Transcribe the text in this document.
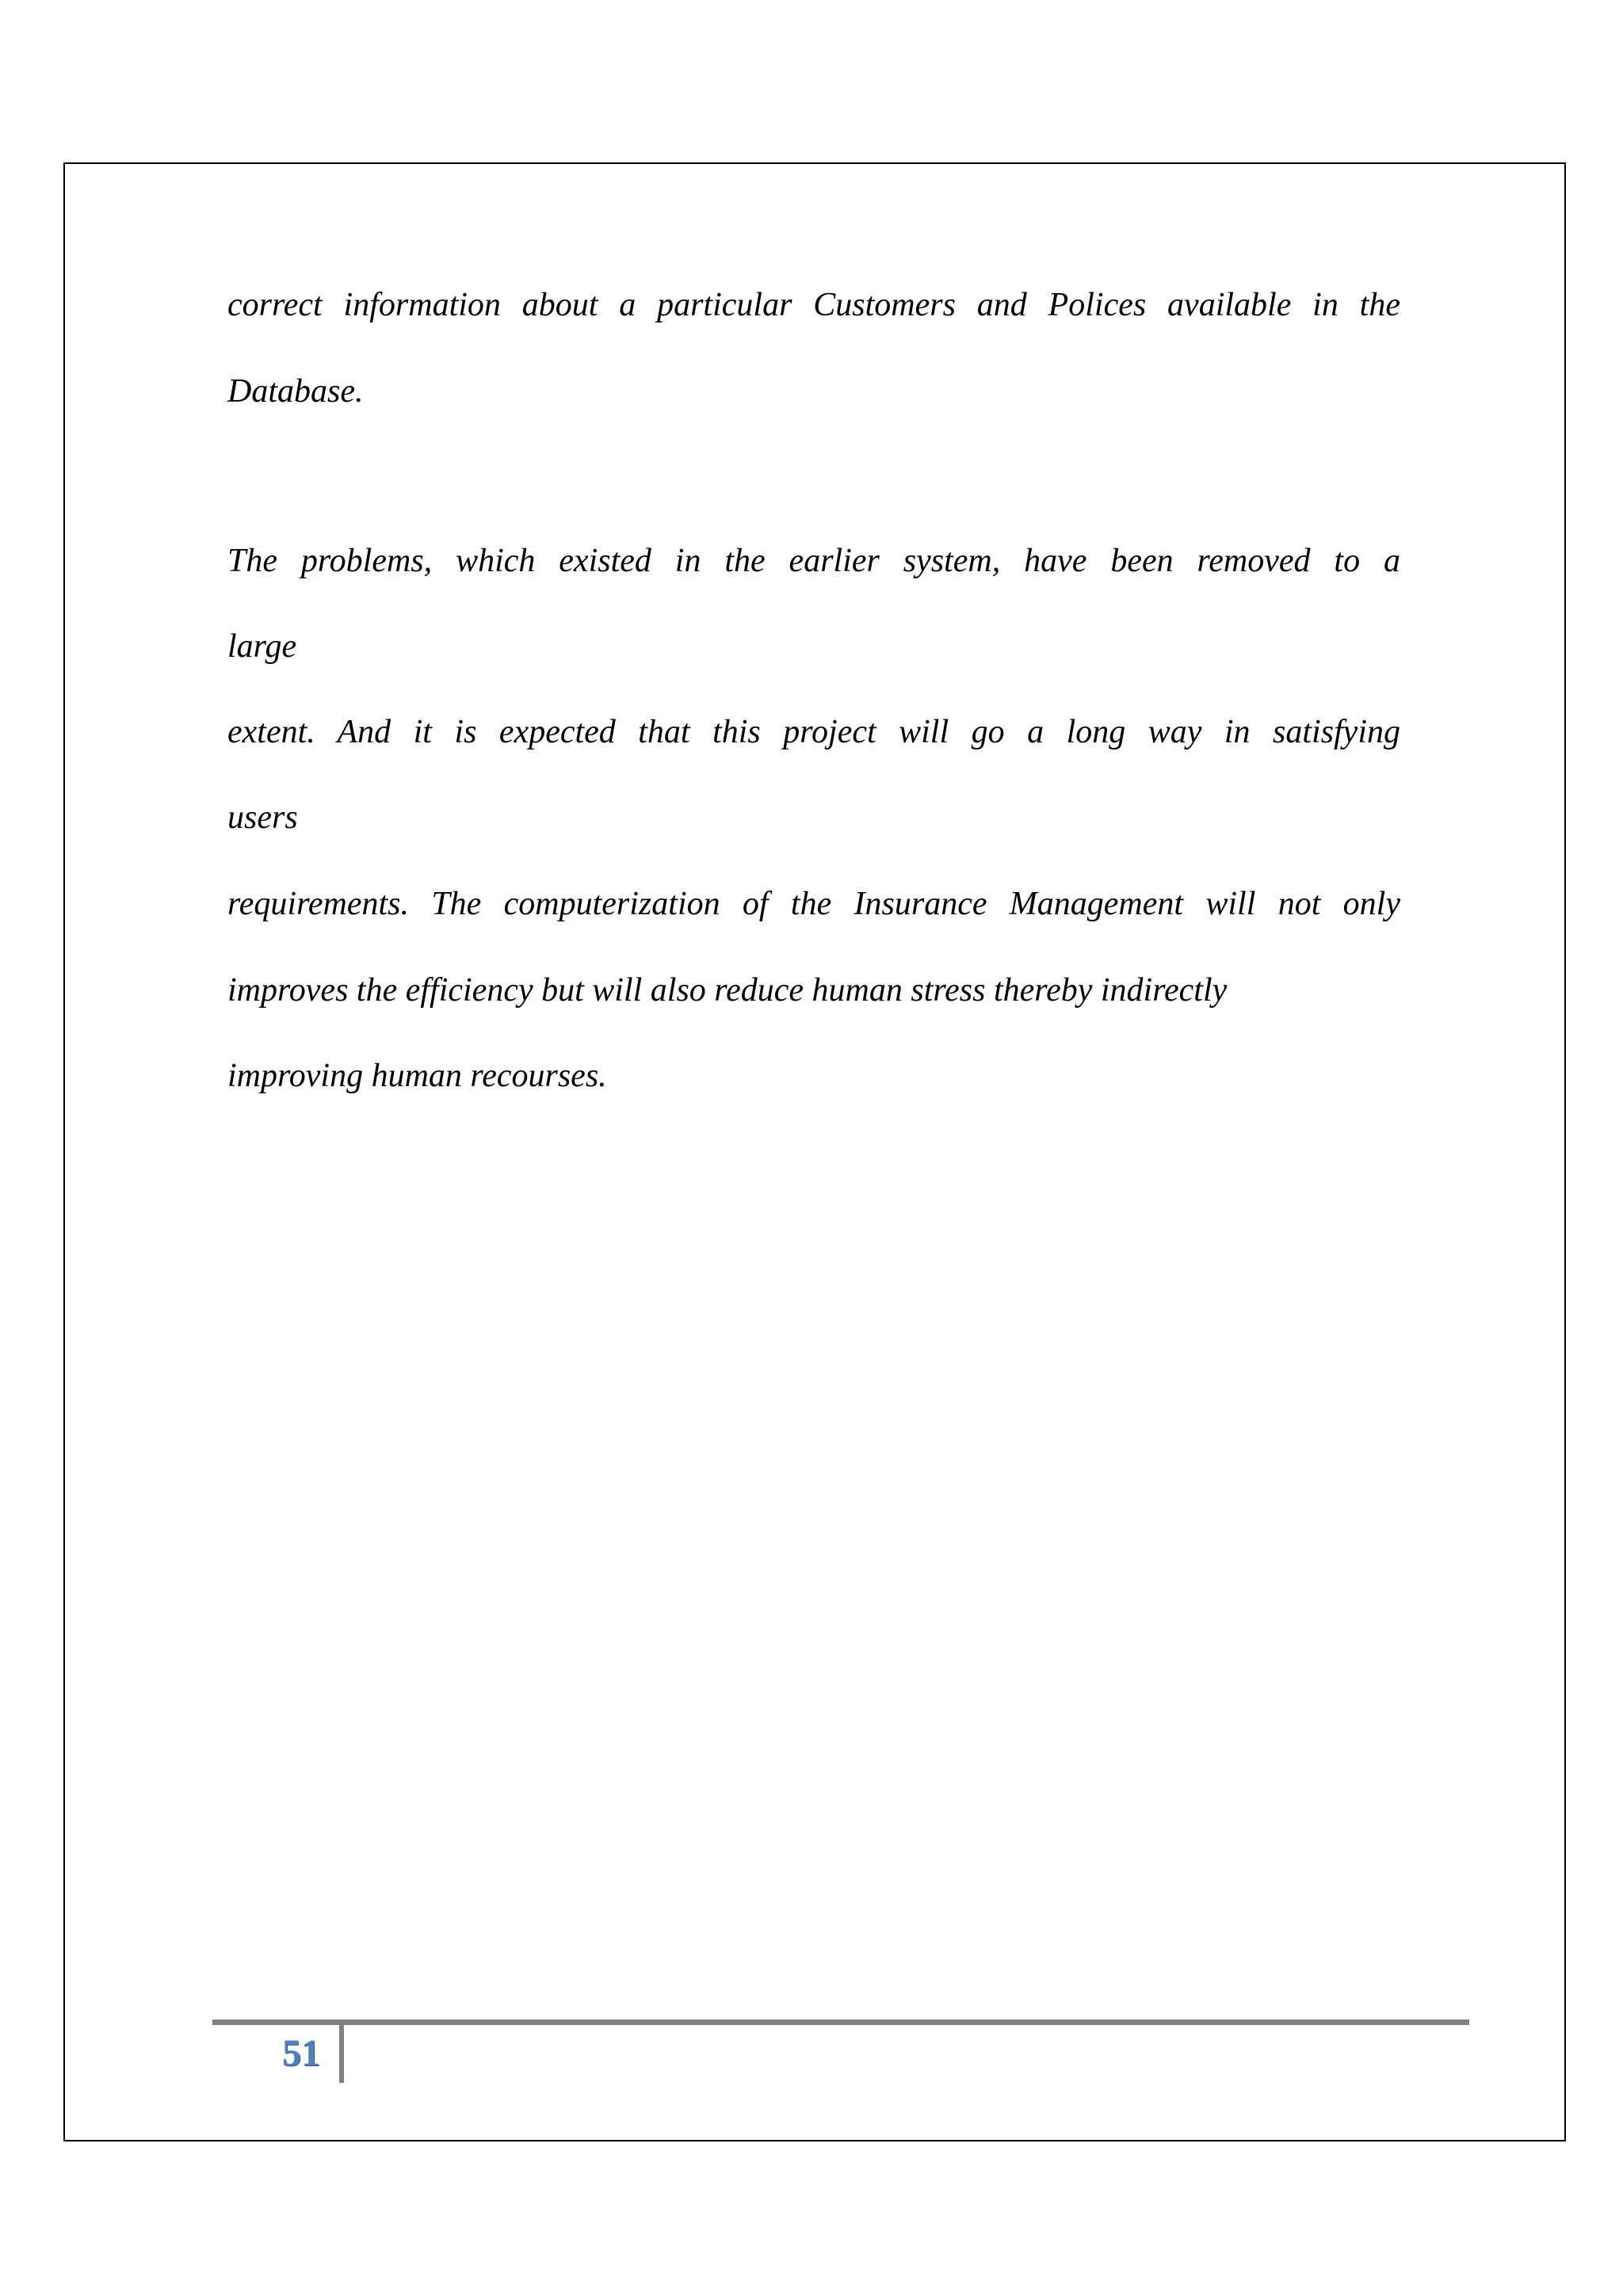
correct information about a particular Customers and Polices available in the
Database.
The problems, which existed in the earlier system, have been removed to a
large
extent. And it is expected that this project will go a long way in satisfying
users
requirements. The computerization of the Insurance Management will not only
improves the efficiency but will also reduce human stress thereby indirectly
improving human recourses.
51
